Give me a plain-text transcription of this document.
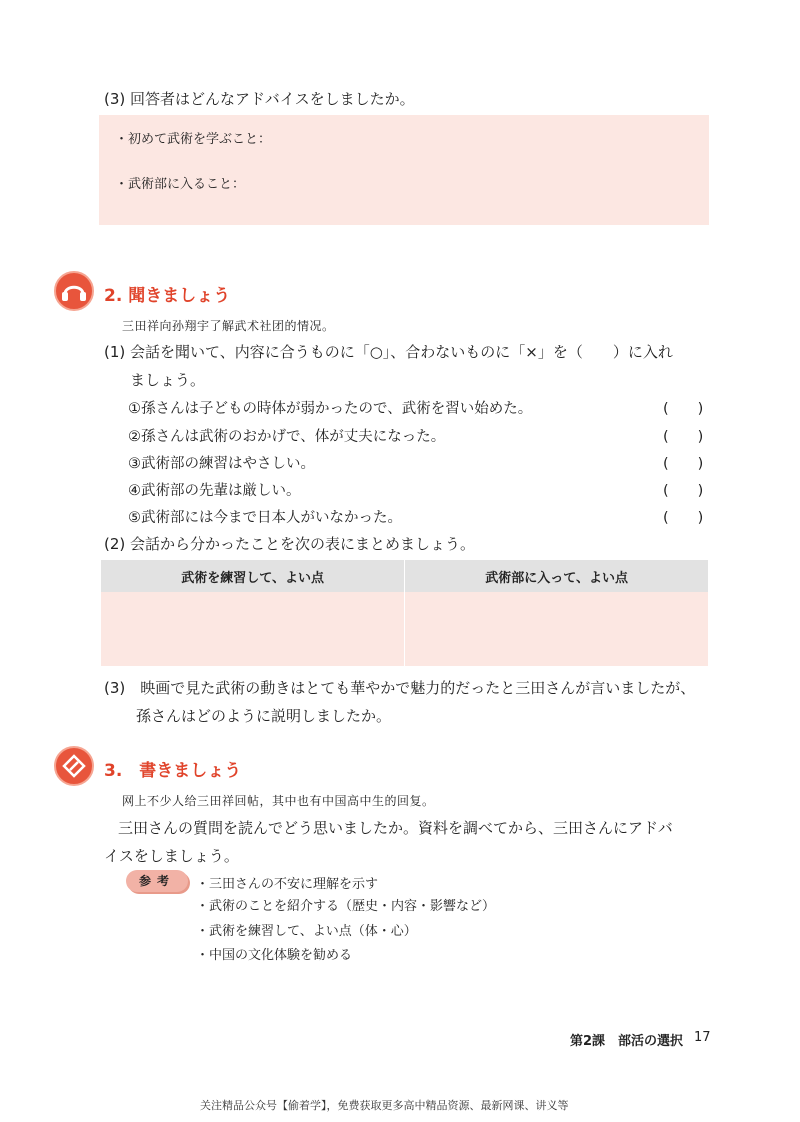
(3) 回答者はどんなアドバイスをしましたか。
・初めて武術を学ぶこと：
・武術部に入ること：
2. 聞きましょう
三田祥向孙翔宇了解武术社团的情况。
(1) 会話を聞いて、内容に合うものに「○」、合わないものに「×」を（　　）に入れ
ましょう。
①孫さんは子どもの時体が弱かったので、武術を習い始めた。	(　　)
②孫さんは武術のおかげで、体が丈夫になった。	(　　)
③武術部の練習はやさしい。	(　　)
④武術部の先輩は厳しい。	(　　)
⑤武術部には今まで日本人がいなかった。	(　　)
(2) 会話から分かったことを次の表にまとめましょう。
武術を練習して、よい点	武術部に入って、よい点

(3)　映画で見た武術の動きはとても華やかで魅力的だったと三田さんが言いましたが、
孫さんはどのように説明しましたか。
3.　書きましょう
网上不少人给三田祥回帖，其中也有中国高中生的回复。
三田さんの質問を読んでどう思いましたか。資料を調べてから、三田さんにアドバ
イスをしましょう。
参考	・三田さんの不安に理解を示す
・武術のことを紹介する（歴史・内容・影響など）
・武術を練習して、よい点（体・心）
・中国の文化体験を勧める
第2課　部活の選択 17
关注精品公众号【偷着学】，免费获取更多高中精品资源、最新网课、讲义等
